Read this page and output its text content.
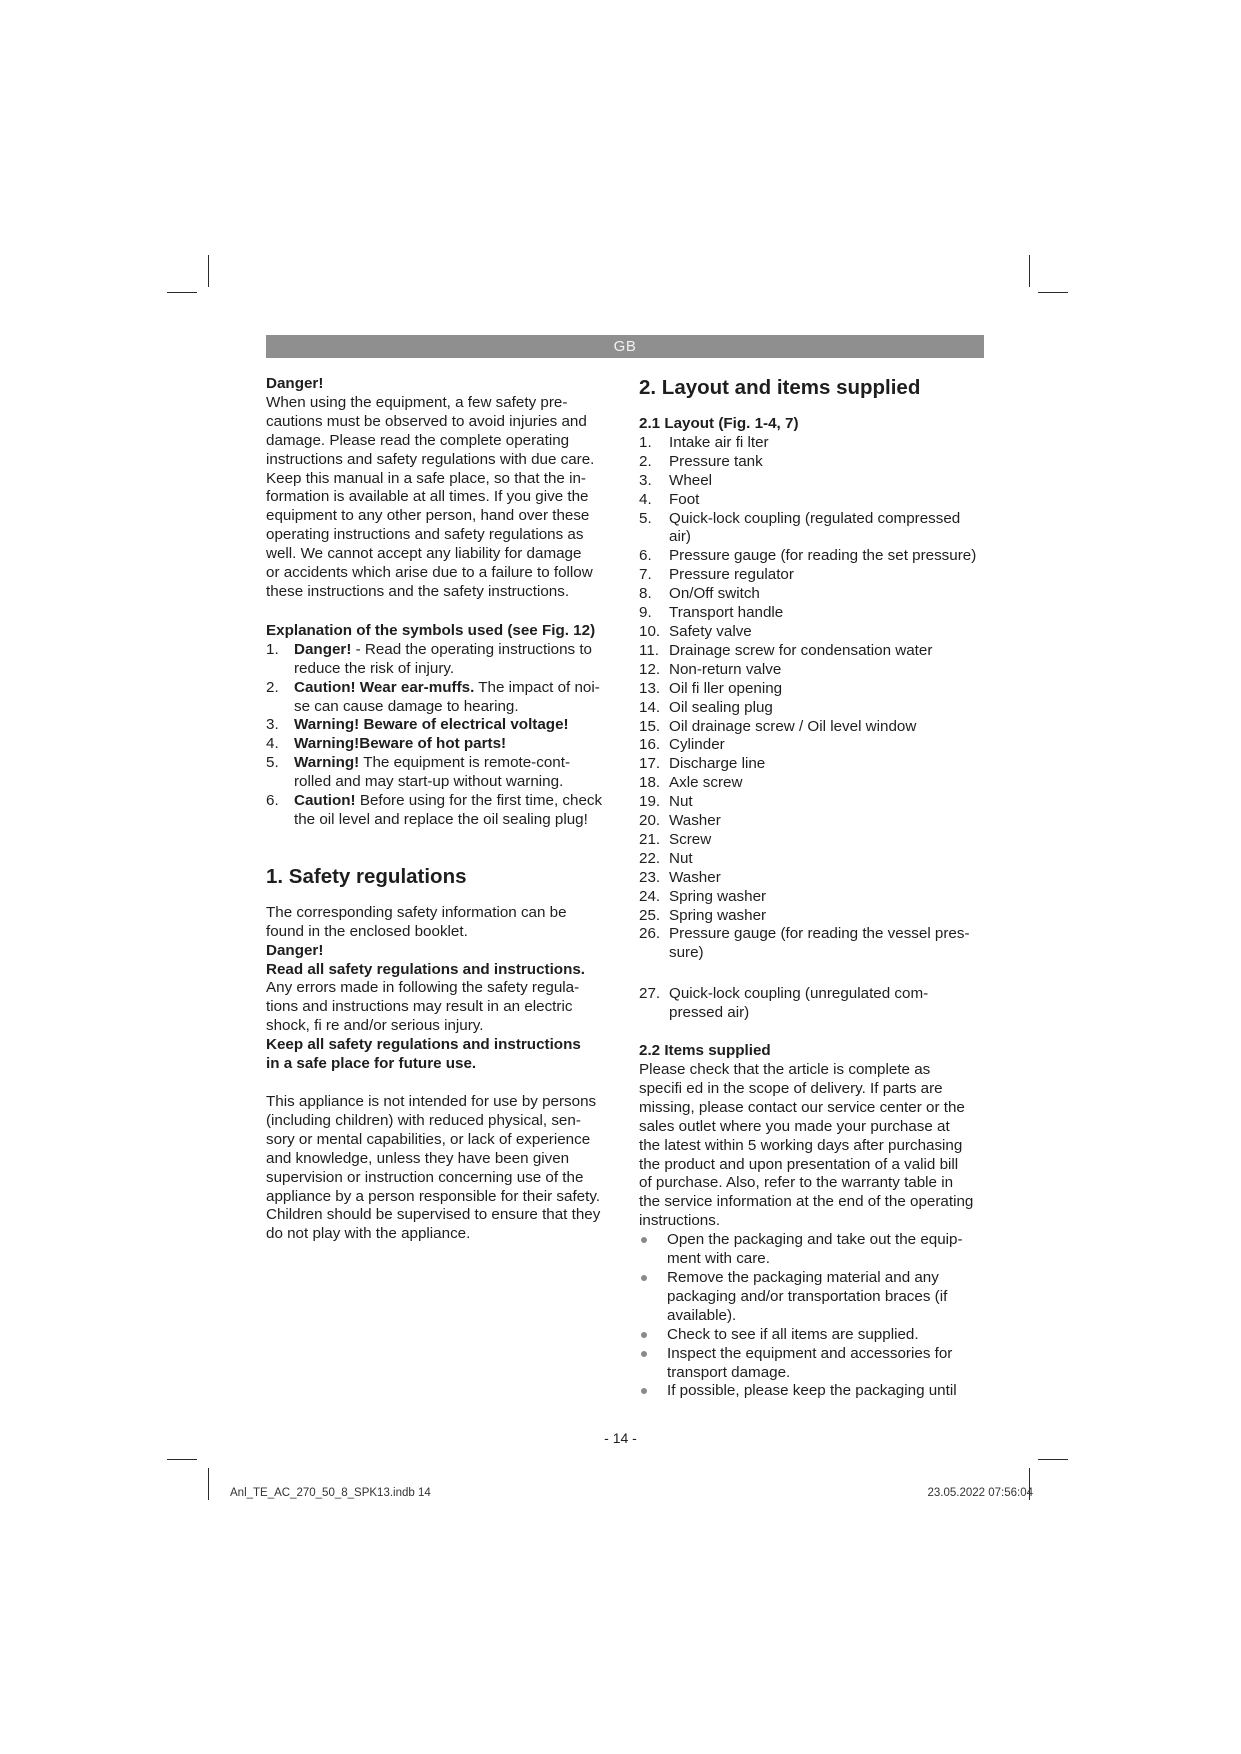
GB
Danger!
When using the equipment, a few safety pre-
cautions must be observed to avoid injuries and
damage. Please read the complete operating
instructions and safety regulations with due care.
Keep this manual in a safe place, so that the in-
formation is available at all times. If you give the
equipment to any other person, hand over these
operating instructions and safety regulations as
well. We cannot accept any liability for damage
or accidents which arise due to a failure to follow
these instructions and the safety instructions.
Explanation of the symbols used (see Fig. 12)
1. Danger! - Read the operating instructions to
reduce the risk of injury.
2. Caution! Wear ear-muffs. The impact of noi-
se can cause damage to hearing.
3. Warning! Beware of electrical voltage!
4. Warning!Beware of hot parts!
5. Warning! The equipment is remote-cont-
rolled and may start-up without warning.
6. Caution! Before using for the first time, check
the oil level and replace the oil sealing plug!
1. Safety regulations
The corresponding safety information can be
found in the enclosed booklet.
Danger!
Read all safety regulations and instructions.
Any errors made in following the safety regula-
tions and instructions may result in an electric
shock, fi re and/or serious injury.
Keep all safety regulations and instructions
in a safe place for future use.
This appliance is not intended for use by persons
(including children) with reduced physical, sen-
sory or mental capabilities, or lack of experience
and knowledge, unless they have been given
supervision or instruction concerning use of the
appliance by a person responsible for their safety.
Children should be supervised to ensure that they
do not play with the appliance.
2. Layout and items supplied
2.1 Layout (Fig. 1-4, 7)
1. Intake air fi lter
2. Pressure tank
3. Wheel
4. Foot
5. Quick-lock coupling (regulated compressed
air)
6. Pressure gauge (for reading the set pressure)
7. Pressure regulator
8. On/Off switch
9. Transport handle
10. Safety valve
11. Drainage screw for condensation water
12. Non-return valve
13. Oil fi ller opening
14. Oil sealing plug
15. Oil drainage screw / Oil level window
16. Cylinder
17. Discharge line
18. Axle screw
19. Nut
20. Washer
21. Screw
22. Nut
23. Washer
24. Spring washer
25. Spring washer
26. Pressure gauge (for reading the vessel pres-
sure)
27. Quick-lock coupling (unregulated com-
pressed air)
2.2 Items supplied
Please check that the article is complete as
specifi ed in the scope of delivery. If parts are
missing, please contact our service center or the
sales outlet where you made your purchase at
the latest within 5 working days after purchasing
the product and upon presentation of a valid bill
of purchase. Also, refer to the warranty table in
the service information at the end of the operating
instructions.
Open the packaging and take out the equip-
ment with care.
Remove the packaging material and any
packaging and/or transportation braces (if
available).
Check to see if all items are supplied.
Inspect the equipment and accessories for
transport damage.
If possible, please keep the packaging until
- 14 -
Anl_TE_AC_270_50_8_SPK13.indb 14	23.05.2022 07:56:04
